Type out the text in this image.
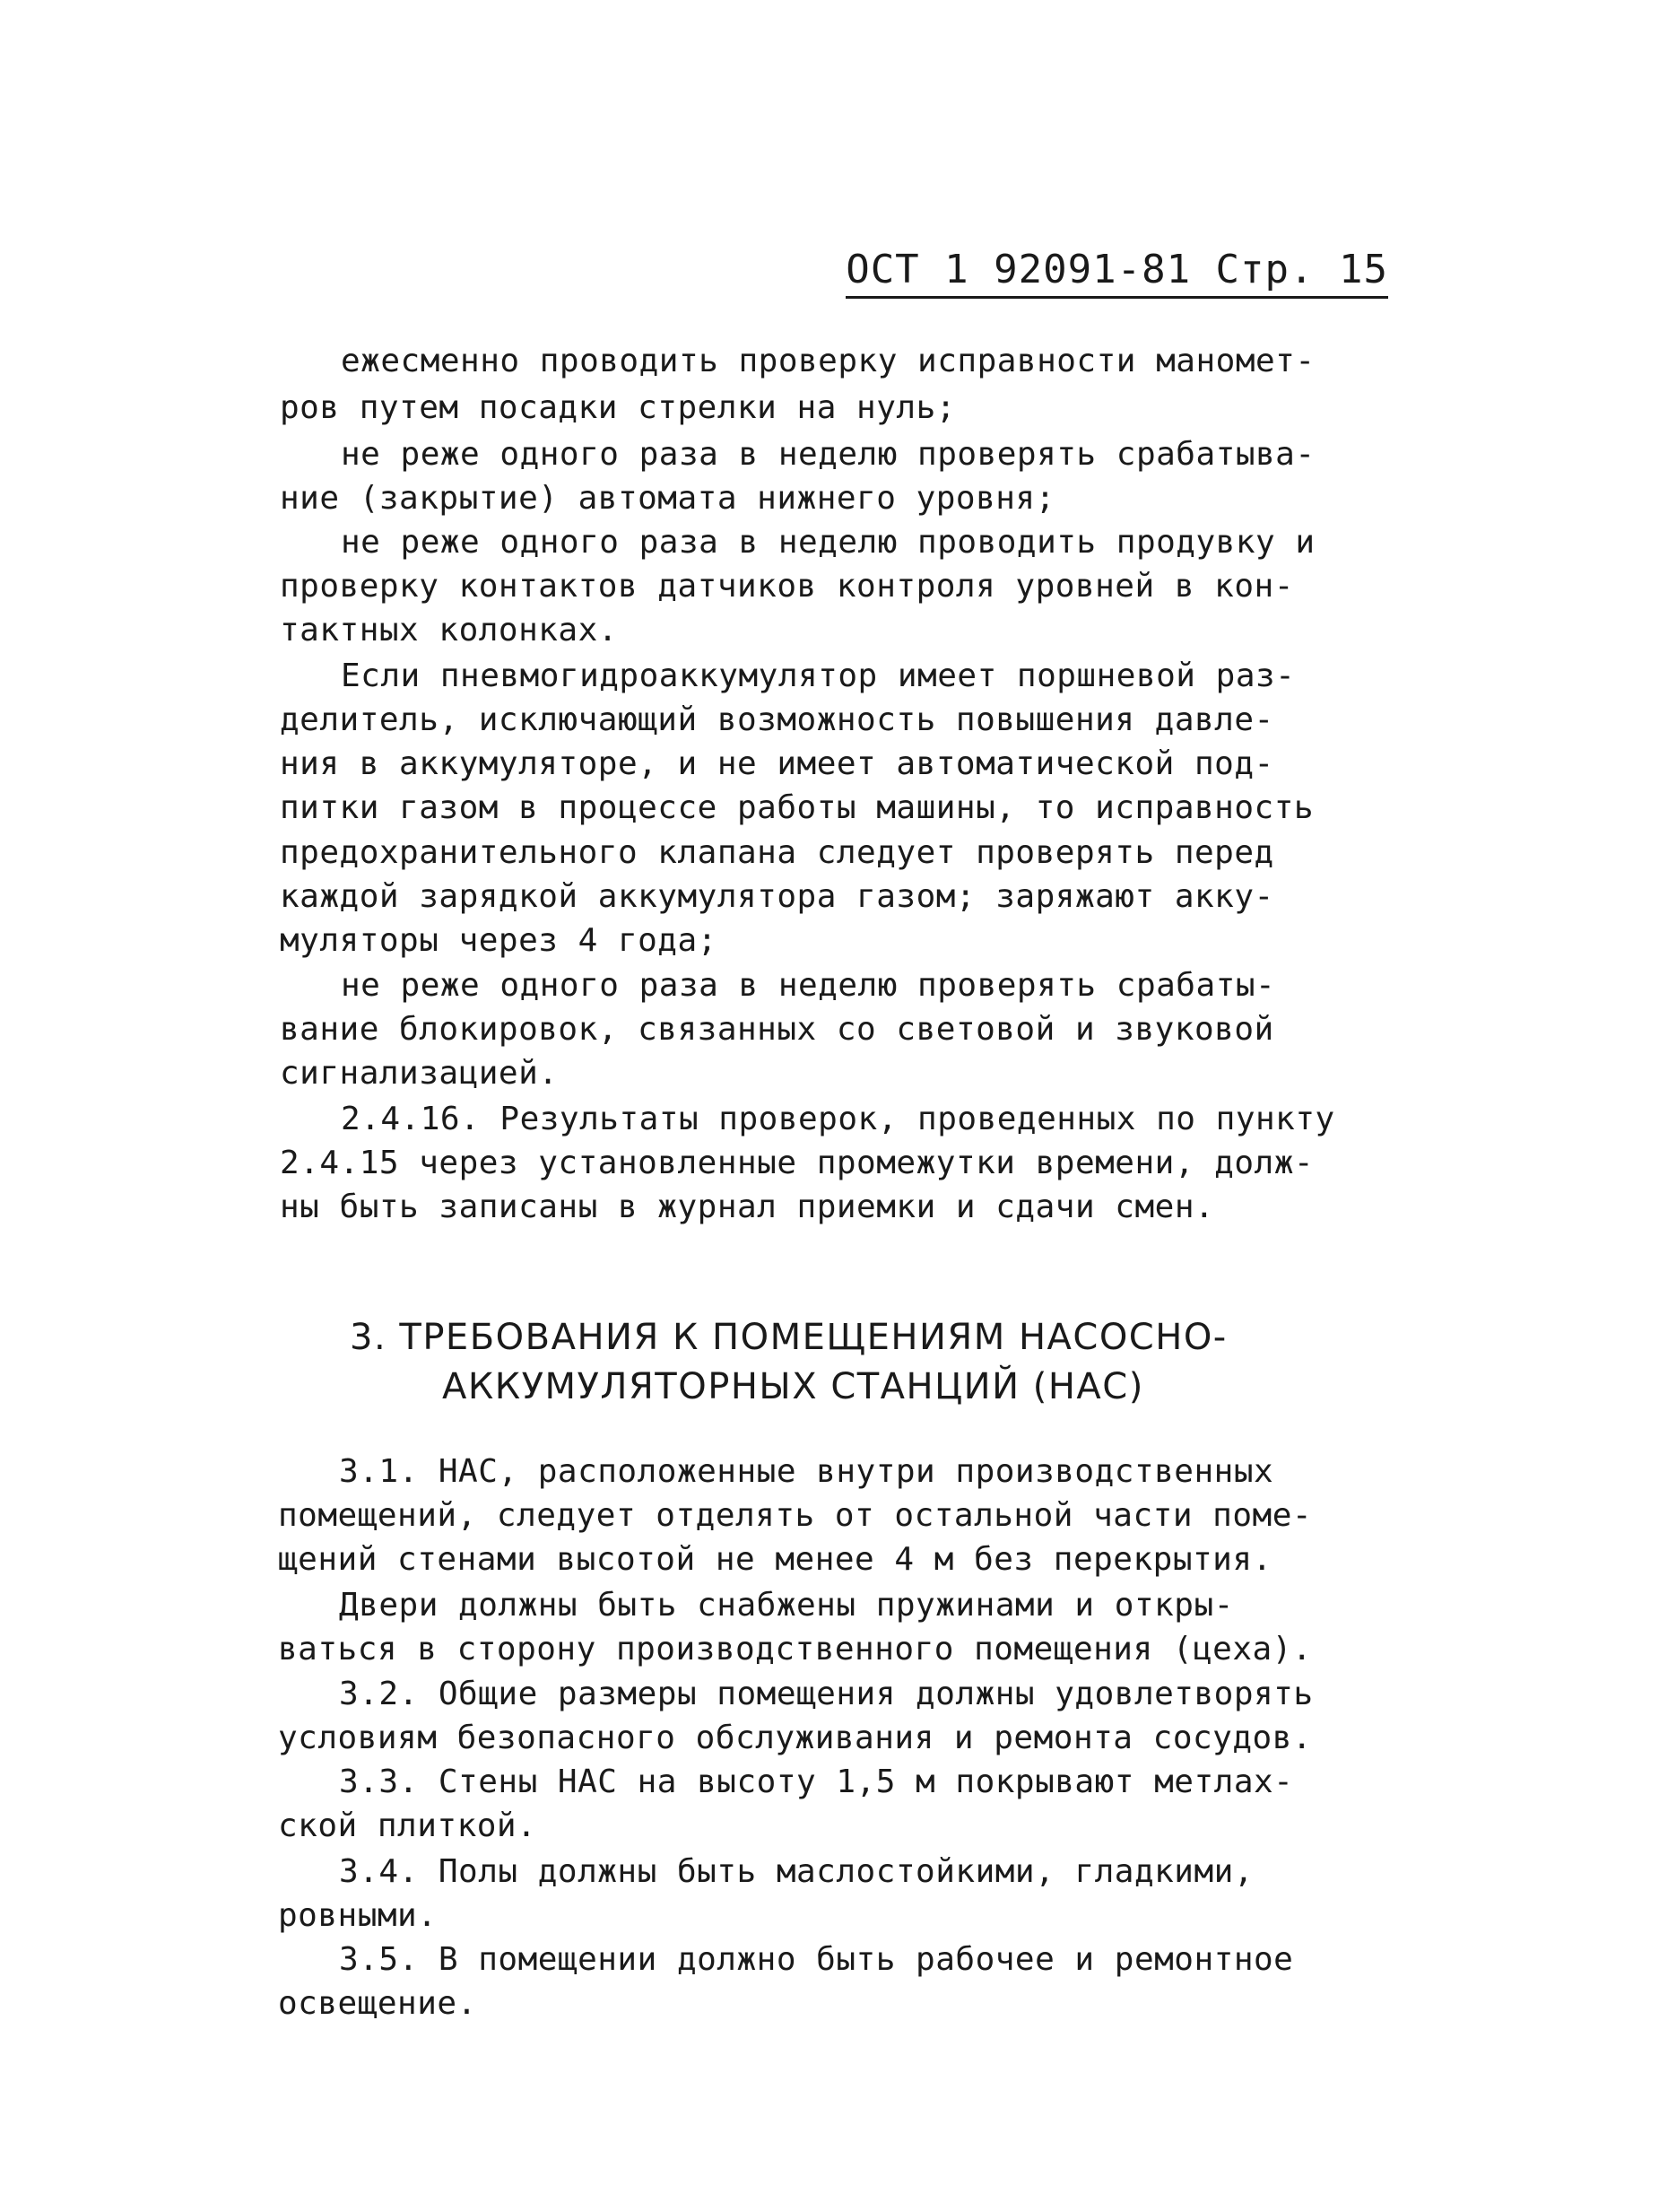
ОСТ 1 92091-81 Стр. 15
ежесменно проводить проверку исправности маномет-
ров путем посадки стрелки на нуль;
не реже одного раза в неделю проверять срабатыва-
ние (закрытие) автомата нижнего уровня;
не реже одного раза в неделю проводить продувку и
проверку контактов датчиков контроля уровней в кон-
тактных колонках.
Если пневмогидроаккумулятор имеет поршневой раз-
делитель, исключающий возможность повышения давле-
ния в аккумуляторе, и не имеет автоматической под-
питки газом в процессе работы машины, то исправность
предохранительного клапана следует проверять перед
каждой зарядкой аккумулятора газом; заряжают акку-
муляторы через 4 года;
не реже одного раза в неделю проверять срабаты-
вание блокировок, связанных со световой и звуковой
сигнализацией.
2.4.16. Результаты проверок, проведенных по пункту
2.4.15 через установленные промежутки времени, долж-
ны быть записаны в журнал приемки и сдачи смен.
3. ТРЕБОВАНИЯ К ПОМЕЩЕНИЯМ НАСОСНО-
АККУМУЛЯТОРНЫХ СТАНЦИЙ (НАС)
3.1. НАС, расположенные внутри производственных
помещений, следует отделять от остальной части поме-
щений стенами высотой не менее 4 м без перекрытия.
Двери должны быть снабжены пружинами и откры-
ваться в сторону производственного помещения (цеха).
3.2. Общие размеры помещения должны удовлетворять
условиям безопасного обслуживания и ремонта сосудов.
3.3. Стены НАС на высоту 1,5 м покрывают метлах-
ской плиткой.
3.4. Полы должны быть маслостойкими, гладкими,
ровными.
3.5. В помещении должно быть рабочее и ремонтное
освещение.
